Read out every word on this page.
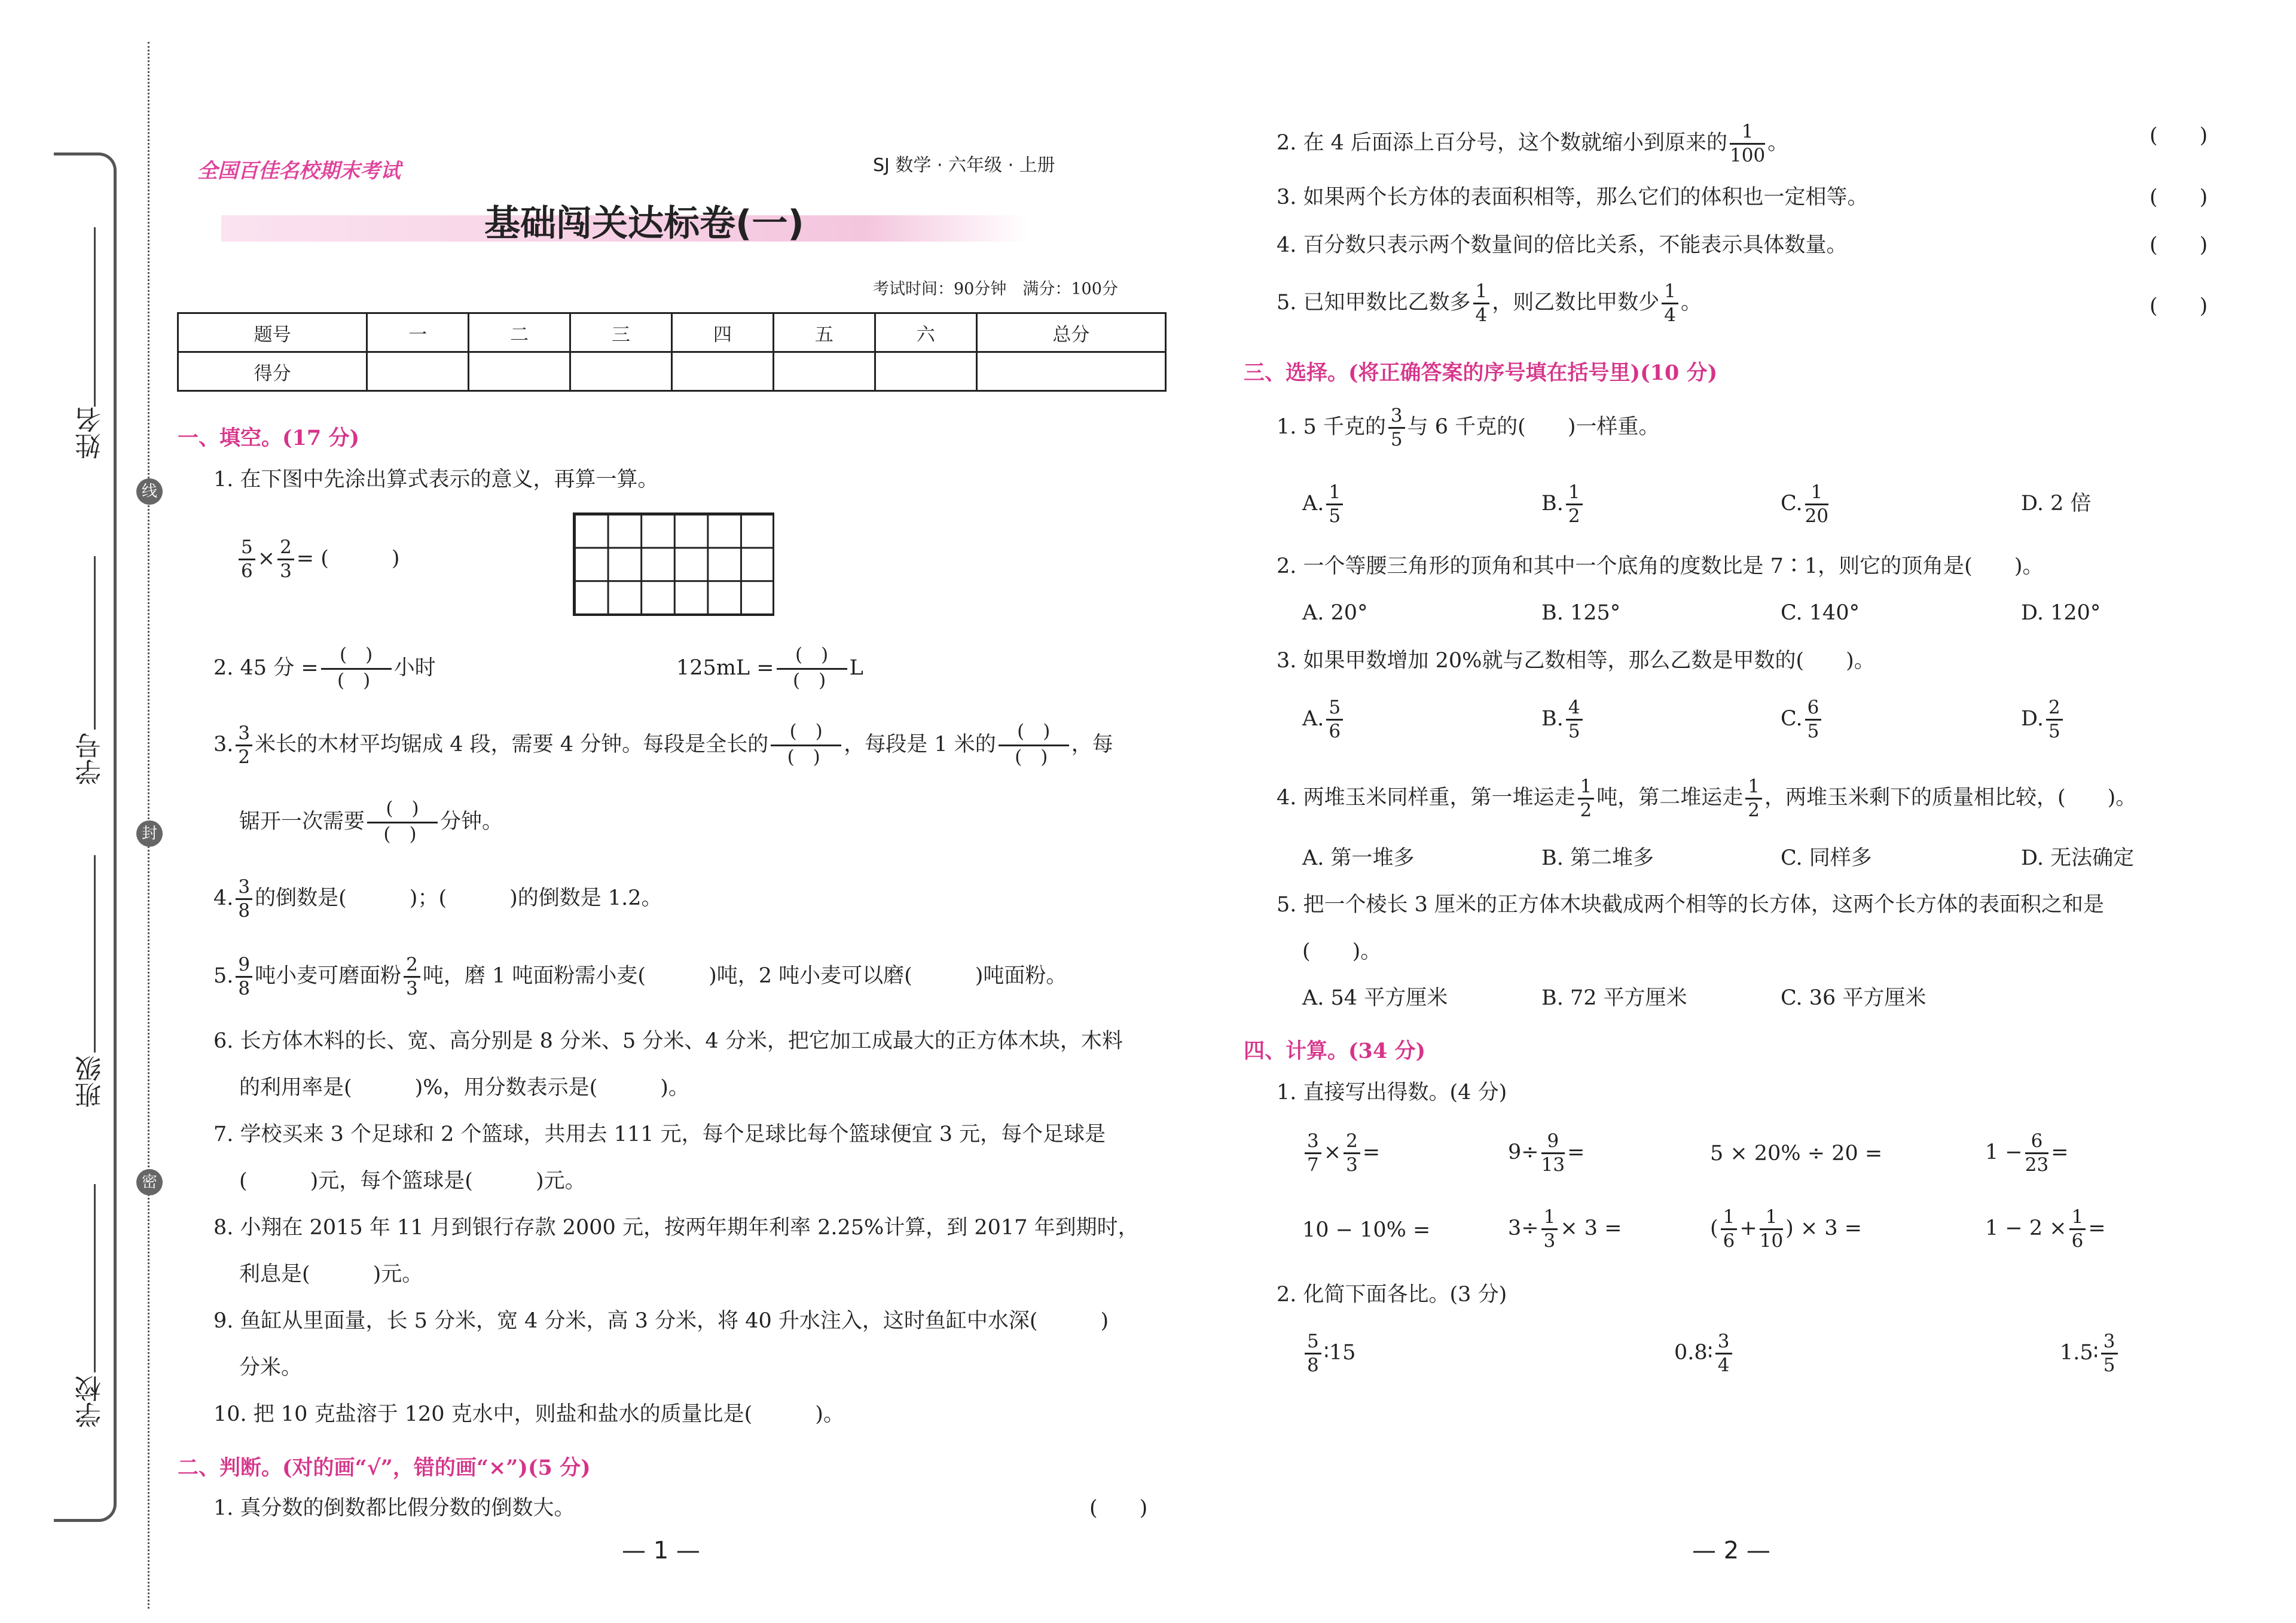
姓名
学号
班级
学校
线
封
密
全国百佳名校期末考试	SJ 数学 · 六年级 · 上册
基础闯关达标卷(一)
考试时间：90分钟　满分：100分
题号	一	二	三	四	五	六	总分
得分							
一、填空。(17 分)
1. 在下图中先涂出算式表示的意义，再算一算。
$\frac{5}{6} \times \frac{2}{3}$ = (　　　)
2. 45 分 =
(　)
(　)
小时	125mL =
(　)
(　)
L
3. $\frac{3}{2}$ 米长的木材平均锯成 4 段，需要 4 分钟。每段是全长的
(　)
(　)
，每段是 1 米的
(　)
(　)
，每
锯开一次需要
(　)
(　)
分钟。
4. $\frac{3}{8}$ 的倒数是(　　　)；(　　　)的倒数是 1.2。
5. $\frac{9}{8}$ 吨小麦可磨面粉 $\frac{2}{3}$ 吨，磨 1 吨面粉需小麦(　　　)吨，2 吨小麦可以磨(　　　)吨面粉。
6. 长方体木料的长、宽、高分别是 8 分米、5 分米、4 分米，把它加工成最大的正方体木块，木料
的利用率是(　　　)%，用分数表示是(　　　)。
7. 学校买来 3 个足球和 2 个篮球，共用去 111 元，每个足球比每个篮球便宜 3 元，每个足球是
(　　　)元，每个篮球是(　　　)元。
8. 小翔在 2015 年 11 月到银行存款 2000 元，按两年期年利率 2.25%计算，到 2017 年到期时，
利息是(　　　)元。
9. 鱼缸从里面量，长 5 分米，宽 4 分米，高 3 分米，将 40 升水注入，这时鱼缸中水深(　　　)
分米。
10. 把 10 克盐溶于 120 克水中，则盐和盐水的质量比是(　　　)。
二、判断。(对的画“√”，错的画“×”)(5 分)
1. 真分数的倒数都比假分数的倒数大。	(　　)
— 1 —
2. 在 4 后面添上百分号，这个数就缩小到原来的 $\frac{1}{100}$ 。	(　　)
3. 如果两个长方体的表面积相等，那么它们的体积也一定相等。	(　　)
4. 百分数只表示两个数量间的倍比关系，不能表示具体数量。	(　　)
5. 已知甲数比乙数多 $\frac{1}{4}$ ，则乙数比甲数少 $\frac{1}{4}$ 。	(　　)
三、选择。(将正确答案的序号填在括号里)(10 分)
1. 5 千克的 $\frac{3}{5}$ 与 6 千克的(　　)一样重。
A. $\frac{1}{5}$	B. $\frac{1}{2}$	C. $\frac{1}{20}$	D. 2 倍
2. 一个等腰三角形的顶角和其中一个底角的度数比是 7∶1，则它的顶角是(　　)。
A. 20°	B. 125°	C. 140°	D. 120°
3. 如果甲数增加 20%就与乙数相等，那么乙数是甲数的(　　)。
A. $\frac{5}{6}$	B. $\frac{4}{5}$	C. $\frac{6}{5}$	D. $\frac{2}{5}$
4. 两堆玉米同样重，第一堆运走 $\frac{1}{2}$ 吨，第二堆运走 $\frac{1}{2}$ ，两堆玉米剩下的质量相比较，(　　)。
A. 第一堆多	B. 第二堆多	C. 同样多	D. 无法确定
5. 把一个棱长 3 厘米的正方体木块截成两个相等的长方体，这两个长方体的表面积之和是
(　　)。
A. 54 平方厘米	B. 72 平方厘米	C. 36 平方厘米
四、计算。(34 分)
1. 直接写出得数。(4 分)
$\frac{3}{7} \times \frac{2}{3}$ =	$9\div \frac{9}{13}$ =	5 × 20% ÷ 20 =	$1 - \frac{6}{23}$ =
10 − 10% =	$3\div \frac{1}{3} \times 3$ =	( $\frac{1}{6} + \frac{1}{10}$ ) × 3 =	$1 - 2 \times \frac{1}{6}$ =
2. 化简下面各比。(3 分)
$\frac{5}{8}$ ∶15	0.8∶ $\frac{3}{4}$	1.5∶ $\frac{3}{5}$
— 2 —
